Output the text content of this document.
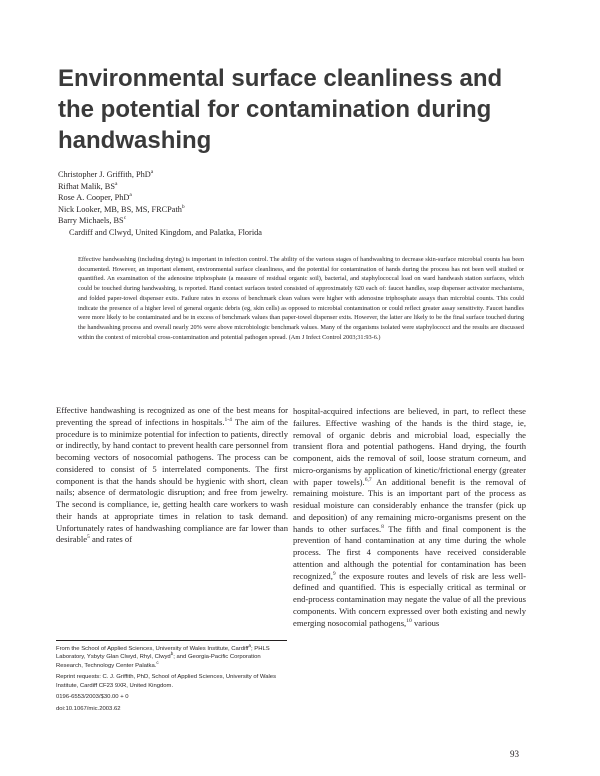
Environmental surface cleanliness and the potential for contamination during handwashing
Christopher J. Griffith, PhD$^a$
Rifhat Malik, $BS^a$
Rose A. Cooper, PhD$^a$
Nick Looker, MB, BS, MS, FRCPath$^b$
Barry Michaels, $BS^c$
Cardiff and Clwyd, United Kingdom, and Palatka, Florida

Effective handwashing (including drying) is important in infection control. The ability of the various stages of handwashing to decrease skin-surface microbial counts has been documented. However, an important element, environmental surface cleanliness, and the potential for contamination of hands during the process has not been well studied or quantified. An examination of the adenosine triphosphate (a measure of residual organic soil), bacterial, and staphylococcal load on ward handwash station surfaces, which could be touched during handwashing, is reported. Hand contact surfaces tested consisted of approximately 620 each of: faucet handles, soap dispenser activator mechanisms, and folded paper-towel dispenser exits. Failure rates in excess of benchmark clean values were higher with adenosine triphosphate assays than microbial counts. This could indicate the presence of a higher level of general organic debris (eg, skin cells) as opposed to microbial contamination or could reflect greater assay sensitivity. Faucet handles were more likely to be contaminated and be in excess of benchmark values than paper-towel dispenser exits. However, the latter are likely to be the final surface touched during the handwashing process and overall nearly 20% were above microbiologic benchmark values. Many of the organisms isolated were staphylococci and the results are discussed within the context of microbial cross-contamination and potential pathogen spread. (Am J Infect Control 2003;31:93-6.)

Effective handwashing is recognized as one of the best means for preventing the spread of infections in hospitals.$^{1-4}$ The aim of the procedure is to minimize potential for infection to patients, directly or indirectly, by hand contact to prevent health care personnel from becoming vectors of nosocomial pathogens. The process can be considered to consist of 5 interrelated components. The first component is that the hands should be hygienic with short, clean nails; absence of dermatologic disruption; and free from jewelry. The second is compliance, ie, getting health care workers to wash their hands at appropriate times in relation to task demand. Unfortunately rates of handwashing compliance are far lower than desirable$^5$ and rates of

hospital-acquired infections are believed, in part, to reflect these failures. Effective washing of the hands is the third stage, ie, removal of organic debris and microbial load, especially the transient flora and potential pathogens. Hand drying, the fourth component, aids the removal of soil, loose stratum corneum, and micro-organisms by application of kinetic/frictional energy (greater with paper towels).$^{6,7}$ An additional benefit is the removal of remaining moisture. This is an important part of the process as residual moisture can considerably enhance the transfer (pick up and deposition) of any remaining micro-organisms present on the hands to other surfaces.$^8$ The fifth and final component is the prevention of hand contamination at any time during the whole process. The first 4 components have received considerable attention and although the potential for contamination has been recognized,$^9$ the exposure routes and levels of risk are less well-defined and quantified. This is especially critical as terminal or end-process contamination may negate the value of all the previous components. With concern expressed over both existing and newly emerging nosocomial pathogens,$^{10}$ various

From the School of Applied Sciences, University of Wales Institute, Cardiff$^a$; PHLS Laboratory, Ysbyty Glan Clwyd, Rhyl, Clwyd$^b$; and Georgia-Pacific Corporation Research, Technology Center Palatka.$^c$

Reprint requests: C. J. Griffith, PhD, School of Applied Sciences, University of Wales Institute, Cardiff CF23 9XR, United Kingdom.

0196-6553/2003/$30.00 + 0

doi:10.1067/mic.2003.62

93
